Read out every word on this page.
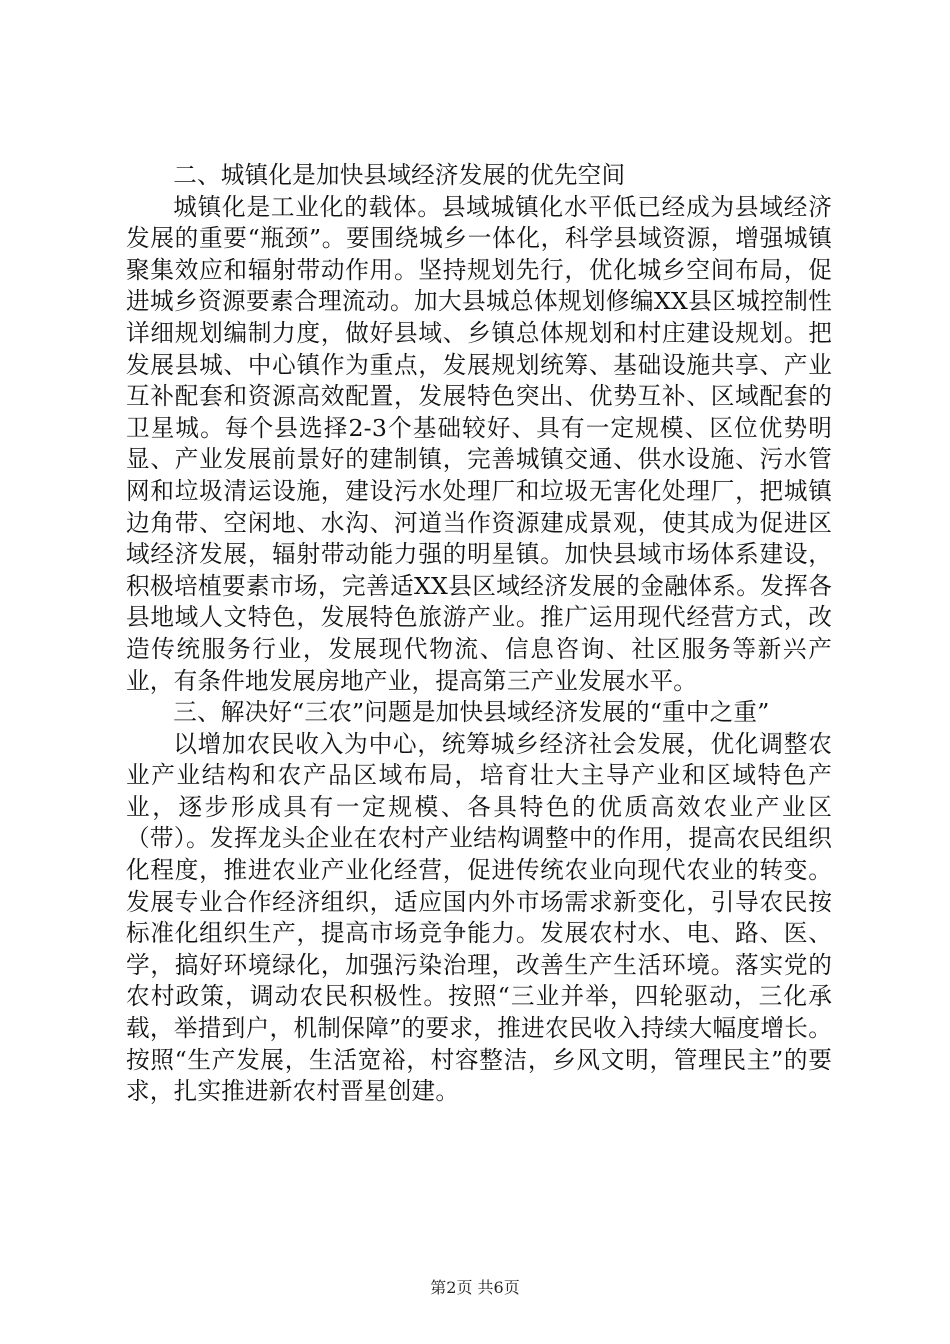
二、城镇化是加快县域经济发展的优先空间

城镇化是工业化的载体。县域城镇化水平低已经成为县域经济发展的重要“瓶颈”。要围绕城乡一体化，科学县域资源，增强城镇聚集效应和辐射带动作用。坚持规划先行，优化城乡空间布局，促进城乡资源要素合理流动。加大县城总体规划修编XX县区城控制性详细规划编制力度，做好县域、乡镇总体规划和村庄建设规划。把发展县城、中心镇作为重点，发展规划统筹、基础设施共享、产业互补配套和资源高效配置，发展特色突出、优势互补、区域配套的卫星城。每个县选择2-3个基础较好、具有一定规模、区位优势明显、产业发展前景好的建制镇，完善城镇交通、供水设施、污水管网和垃圾清运设施，建设污水处理厂和垃圾无害化处理厂，把城镇边角带、空闲地、水沟、河道当作资源建成景观，使其成为促进区域经济发展，辐射带动能力强的明星镇。加快县域市场体系建设，积极培植要素市场，完善适XX县区域经济发展的金融体系。发挥各县地域人文特色，发展特色旅游产业。推广运用现代经营方式，改造传统服务行业，发展现代物流、信息咨询、社区服务等新兴产业，有条件地发展房地产业，提高第三产业发展水平。

三、解决好“三农”问题是加快县域经济发展的“重中之重”

以增加农民收入为中心，统筹城乡经济社会发展，优化调整农业产业结构和农产品区域布局，培育壮大主导产业和区域特色产业，逐步形成具有一定规模、各具特色的优质高效农业产业区（带）。发挥龙头企业在农村产业结构调整中的作用，提高农民组织化程度，推进农业产业化经营，促进传统农业向现代农业的转变。发展专业合作经济组织，适应国内外市场需求新变化，引导农民按标准化组织生产，提高市场竞争能力。发展农村水、电、路、医、学，搞好环境绿化，加强污染治理，改善生产生活环境。落实党的农村政策，调动农民积极性。按照“三业并举，四轮驱动，三化承载，举措到户，机制保障”的要求，推进农民收入持续大幅度增长。按照“生产发展，生活宽裕，村容整洁，乡风文明，管理民主”的要求，扎实推进新农村晋星创建。

第2页 共6页
